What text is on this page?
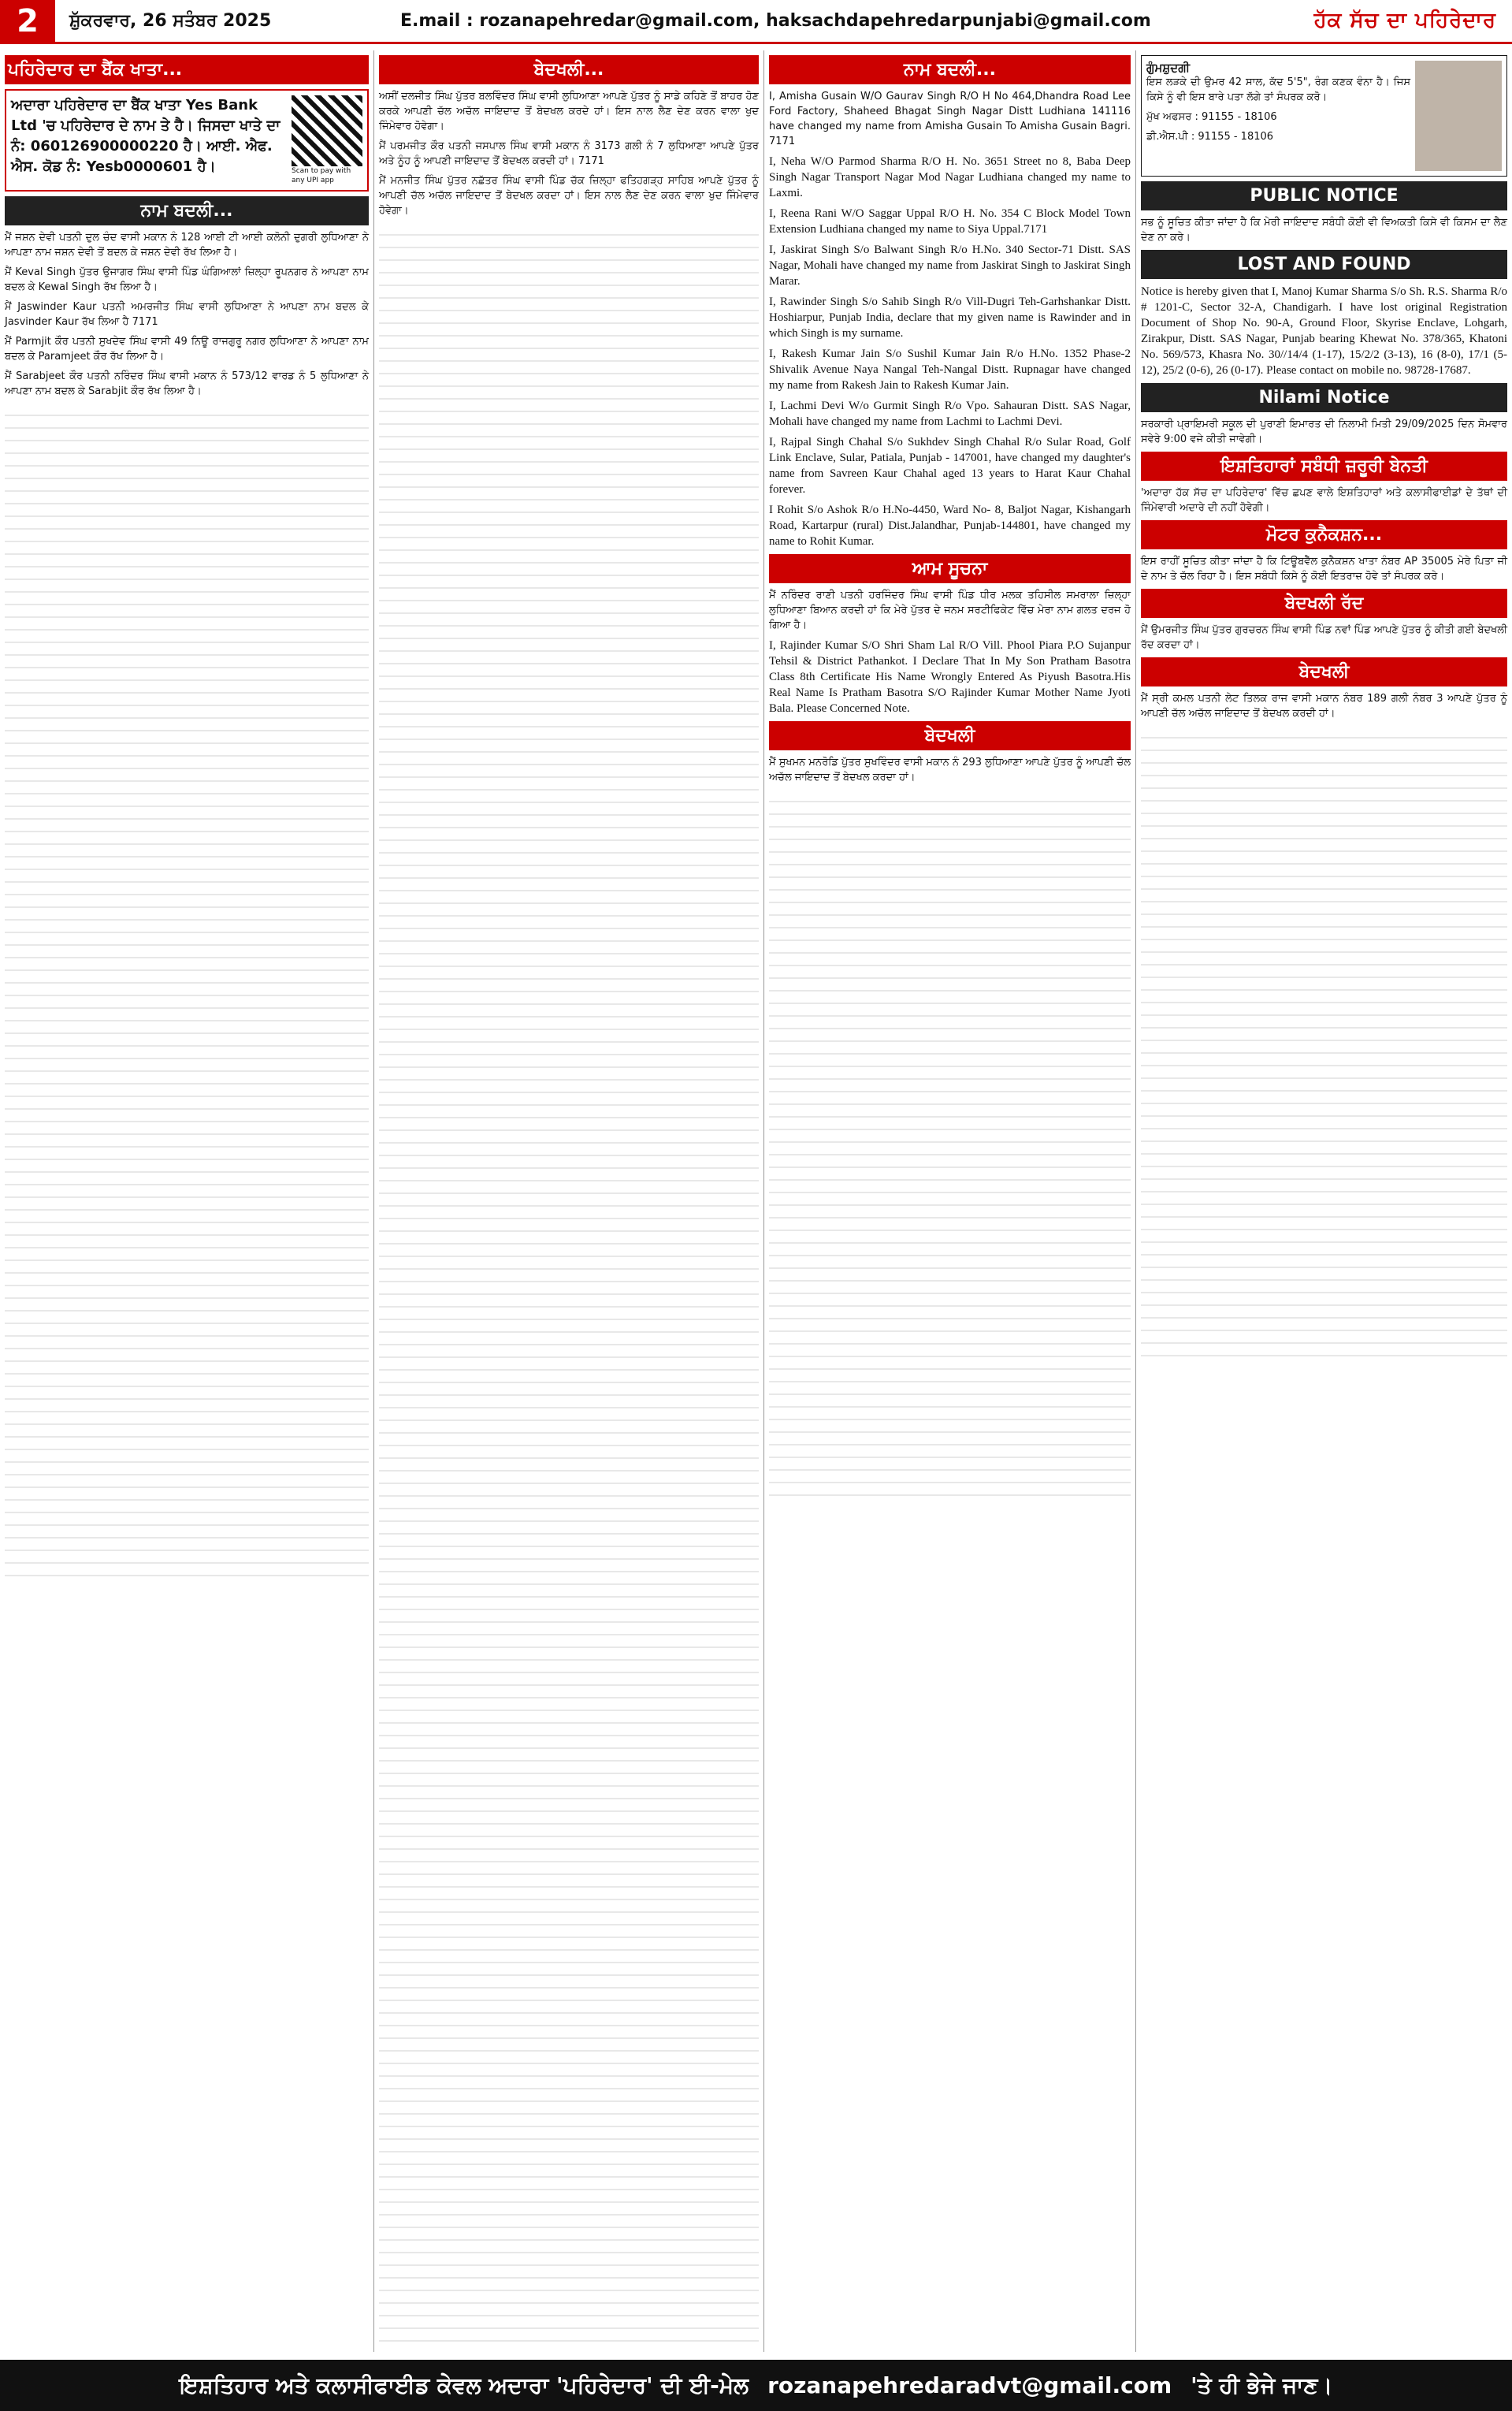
2	ਸ਼ੁੱਕਰਵਾਰ, 26 ਸਤੰਬਰ 2025	E.mail : rozanapehredar@gmail.com, haksachdapehredarpunjabi@gmail.com	ਹੱਕ ਸੱਚ ਦਾ ਪਹਿਰੇਦਾਰ
ਪਹਿਰੇਦਾਰ ਦਾ ਬੈਂਕ ਖਾਤਾ...
ਅਦਾਰਾ ਪਹਿਰੇਦਾਰ ਦਾ ਬੈਂਕ ਖਾਤਾ Yes Bank Ltd 'ਚ ਪਹਿਰੇਦਾਰ ਦੇ ਨਾਮ ਤੇ ਹੈ। ਜਿਸਦਾ ਖਾਤੇ ਦਾ ਨੰ: 060126900000220 ਹੈ। ਆਈ. ਐਫ. ਐਸ. ਕੋਡ ਨੰ: Yesb0000601 ਹੈ।	Scan to pay with any UPI app
ਨਾਮ ਬਦਲੀ...

ਮੈਂ ਜਸ਼ਨ ਦੇਵੀ ਪਤਨੀ ਦੁਲ ਚੰਦ ਵਾਸੀ ਮਕਾਨ ਨੰ 128 ਆਈ ਟੀ ਆਈ ਕਲੋਨੀ ਦੁਗਰੀ ਲੁਧਿਆਣਾ ਨੇ ਆਪਣਾ ਨਾਮ ਜਸ਼ਨ ਦੇਵੀ ਤੋਂ ਬਦਲ ਕੇ ਜਸ਼ਨ ਦੇਵੀ ਰੱਖ ਲਿਆ ਹੈ।

ਮੈਂ Keval Singh ਪੁੱਤਰ ਉਜਾਗਰ ਸਿੰਘ ਵਾਸੀ ਪਿੰਡ ਘੰਗਿਆਲਾਂ ਜ਼ਿਲ੍ਹਾ ਰੂਪਨਗਰ ਨੇ ਆਪਣਾ ਨਾਮ ਬਦਲ ਕੇ Kewal Singh ਰੱਖ ਲਿਆ ਹੈ।

ਮੈਂ Jaswinder Kaur ਪਤਨੀ ਅਮਰਜੀਤ ਸਿੰਘ ਵਾਸੀ ਲੁਧਿਆਣਾ ਨੇ ਆਪਣਾ ਨਾਮ ਬਦਲ ਕੇ Jasvinder Kaur ਰੱਖ ਲਿਆ ਹੈ 7171

ਮੈਂ Parmjit ਕੌਰ ਪਤਨੀ ਸੁਖਦੇਵ ਸਿੰਘ ਵਾਸੀ 49 ਨਿਊ ਰਾਜਗੁਰੂ ਨਗਰ ਲੁਧਿਆਣਾ ਨੇ ਆਪਣਾ ਨਾਮ ਬਦਲ ਕੇ Paramjeet ਕੌਰ ਰੱਖ ਲਿਆ ਹੈ।

ਮੈਂ Sarabjeet ਕੌਰ ਪਤਨੀ ਨਰਿੰਦਰ ਸਿੰਘ ਵਾਸੀ ਮਕਾਨ ਨੰ 573/12 ਵਾਰਡ ਨੰ 5 ਲੁਧਿਆਣਾ ਨੇ ਆਪਣਾ ਨਾਮ ਬਦਲ ਕੇ Sarabjit ਕੌਰ ਰੱਖ ਲਿਆ ਹੈ।

ਬੇਦਖਲੀ...

ਅਸੀਂ ਦਲਜੀਤ ਸਿੰਘ ਪੁੱਤਰ ਬਲਵਿੰਦਰ ਸਿੰਘ ਵਾਸੀ ਲੁਧਿਆਣਾ ਆਪਣੇ ਪੁੱਤਰ ਨੂੰ ਸਾਡੇ ਕਹਿਣੇ ਤੋਂ ਬਾਹਰ ਹੋਣ ਕਰਕੇ ਆਪਣੀ ਚੱਲ ਅਚੱਲ ਜਾਇਦਾਦ ਤੋਂ ਬੇਦਖਲ ਕਰਦੇ ਹਾਂ। ਇਸ ਨਾਲ ਲੈਣ ਦੇਣ ਕਰਨ ਵਾਲਾ ਖੁਦ ਜਿੰਮੇਵਾਰ ਹੋਵੇਗਾ।

ਮੈਂ ਪਰਮਜੀਤ ਕੌਰ ਪਤਨੀ ਜਸਪਾਲ ਸਿੰਘ ਵਾਸੀ ਮਕਾਨ ਨੰ 3173 ਗਲੀ ਨੰ 7 ਲੁਧਿਆਣਾ ਆਪਣੇ ਪੁੱਤਰ ਅਤੇ ਨੂੰਹ ਨੂੰ ਆਪਣੀ ਜਾਇਦਾਦ ਤੋਂ ਬੇਦਖਲ ਕਰਦੀ ਹਾਂ। 7171

ਮੈਂ ਮਨਜੀਤ ਸਿੰਘ ਪੁੱਤਰ ਨਛੱਤਰ ਸਿੰਘ ਵਾਸੀ ਪਿੰਡ ਚੱਕ ਜ਼ਿਲ੍ਹਾ ਫਤਿਹਗੜ੍ਹ ਸਾਹਿਬ ਆਪਣੇ ਪੁੱਤਰ ਨੂੰ ਆਪਣੀ ਚੱਲ ਅਚੱਲ ਜਾਇਦਾਦ ਤੋਂ ਬੇਦਖਲ ਕਰਦਾ ਹਾਂ। ਇਸ ਨਾਲ ਲੈਣ ਦੇਣ ਕਰਨ ਵਾਲਾ ਖੁਦ ਜਿੰਮੇਵਾਰ ਹੋਵੇਗਾ।

ਨਾਮ ਬਦਲੀ...

I, Amisha Gusain W/O Gaurav Singh R/O H No 464,Dhandra Road Lee Ford Factory, Shaheed Bhagat Singh Nagar Distt Ludhiana 141116 have changed my name from Amisha Gusain To Amisha Gusain Bagri. 7171

I, Neha W/O Parmod Sharma R/O H. No. 3651 Street no 8, Baba Deep Singh Nagar Transport Nagar Mod Nagar Ludhiana changed my name to Laxmi.

I, Reena Rani W/O Saggar Uppal R/O H. No. 354 C Block Model Town Extension Ludhiana changed my name to Siya Uppal.7171

I, Jaskirat Singh S/o Balwant Singh R/o H.No. 340 Sector-71 Distt. SAS Nagar, Mohali have changed my name from Jaskirat Singh to Jaskirat Singh Marar.

I, Rawinder Singh S/o Sahib Singh R/o Vill-Dugri Teh-Garhshankar Distt. Hoshiarpur, Punjab India, declare that my given name is Rawinder and in which Singh is my surname.

I, Rakesh Kumar Jain S/o Sushil Kumar Jain R/o H.No. 1352 Phase-2 Shivalik Avenue Naya Nangal Teh-Nangal Distt. Rupnagar have changed my name from Rakesh Jain to Rakesh Kumar Jain.

I, Lachmi Devi W/o Gurmit Singh R/o Vpo. Sahauran Distt. SAS Nagar, Mohali have changed my name from Lachmi to Lachmi Devi.

I, Rajpal Singh Chahal S/o Sukhdev Singh Chahal R/o Sular Road, Golf Link Enclave, Sular, Patiala, Punjab - 147001, have changed my daughter's name from Savreen Kaur Chahal aged 13 years to Harat Kaur Chahal forever.

I Rohit S/o Ashok R/o H.No-4450, Ward No- 8, Baljot Nagar, Kishangarh Road, Kartarpur (rural) Dist.Jalandhar, Punjab-144801, have changed my name to Rohit Kumar.

ਆਮ ਸੂਚਨਾ

ਮੈਂ ਨਰਿੰਦਰ ਰਾਣੀ ਪਤਨੀ ਹਰਜਿੰਦਰ ਸਿੰਘ ਵਾਸੀ ਪਿੰਡ ਧੀਰ ਮਲਕ ਤਹਿਸੀਲ ਸਮਰਾਲਾ ਜ਼ਿਲ੍ਹਾ ਲੁਧਿਆਣਾ ਬਿਆਨ ਕਰਦੀ ਹਾਂ ਕਿ ਮੇਰੇ ਪੁੱਤਰ ਦੇ ਜਨਮ ਸਰਟੀਫਿਕੇਟ ਵਿੱਚ ਮੇਰਾ ਨਾਮ ਗਲਤ ਦਰਜ ਹੋ ਗਿਆ ਹੈ।

I, Rajinder Kumar S/O Shri Sham Lal R/O Vill. Phool Piara P.O Sujanpur Tehsil & District Pathankot. I Declare That In My Son Pratham Basotra Class 8th Certificate His Name Wrongly Entered As Piyush Basotra.His Real Name Is Pratham Basotra S/O Rajinder Kumar Mother Name Jyoti Bala. Please Concerned Note.

ਬੇਦਖਲੀ

ਮੈਂ ਸੁਖਮਨ ਮਨਰੋਡਿ ਪੁੱਤਰ ਸੁਖਵਿੰਦਰ ਵਾਸੀ ਮਕਾਨ ਨੰ 293 ਲੁਧਿਆਣਾ ਆਪਣੇ ਪੁੱਤਰ ਨੂੰ ਆਪਣੀ ਚੱਲ ਅਚੱਲ ਜਾਇਦਾਦ ਤੋਂ ਬੇਦਖਲ ਕਰਦਾ ਹਾਂ।

ਗੁੰਮਸ਼ੁਦਗੀ

ਇਸ ਲੜਕੇ ਦੀ ਉਮਰ 42 ਸਾਲ, ਕੱਦ 5'5", ਰੰਗ ਕਣਕ ਵੰਨਾ ਹੈ। ਜਿਸ ਕਿਸੇ ਨੂੰ ਵੀ ਇਸ ਬਾਰੇ ਪਤਾ ਲੱਗੇ ਤਾਂ ਸੰਪਰਕ ਕਰੋ।

ਮੁੱਖ ਅਫਸਰ : 91155 - 18106

ਡੀ.ਐਸ.ਪੀ : 91155 - 18106

PUBLIC NOTICE

ਸਭ ਨੂੰ ਸੂਚਿਤ ਕੀਤਾ ਜਾਂਦਾ ਹੈ ਕਿ ਮੇਰੀ ਜਾਇਦਾਦ ਸਬੰਧੀ ਕੋਈ ਵੀ ਵਿਅਕਤੀ ਕਿਸੇ ਵੀ ਕਿਸਮ ਦਾ ਲੈਣ ਦੇਣ ਨਾ ਕਰੇ।

LOST AND FOUND

Notice is hereby given that I, Manoj Kumar Sharma S/o Sh. R.S. Sharma R/o # 1201-C, Sector 32-A, Chandigarh. I have lost original Registration Document of Shop No. 90-A, Ground Floor, Skyrise Enclave, Lohgarh, Zirakpur, Distt. SAS Nagar, Punjab bearing Khewat No. 378/365, Khatoni No. 569/573, Khasra No. 30//14/4 (1-17), 15/2/2 (3-13), 16 (8-0), 17/1 (5-12), 25/2 (0-6), 26 (0-17). Please contact on mobile no. 98728-17687.

Nilami Notice

ਸਰਕਾਰੀ ਪ੍ਰਾਇਮਰੀ ਸਕੂਲ ਦੀ ਪੁਰਾਣੀ ਇਮਾਰਤ ਦੀ ਨਿਲਾਮੀ ਮਿਤੀ 29/09/2025 ਦਿਨ ਸੋਮਵਾਰ ਸਵੇਰੇ 9:00 ਵਜੇ ਕੀਤੀ ਜਾਵੇਗੀ।

ਇਸ਼ਤਿਹਾਰਾਂ ਸਬੰਧੀ ਜ਼ਰੂਰੀ ਬੇਨਤੀ

'ਅਦਾਰਾ ਹੱਕ ਸੱਚ ਦਾ ਪਹਿਰੇਦਾਰ' ਵਿੱਚ ਛਪਣ ਵਾਲੇ ਇਸ਼ਤਿਹਾਰਾਂ ਅਤੇ ਕਲਾਸੀਫਾਈਡਾਂ ਦੇ ਤੱਥਾਂ ਦੀ ਜਿੰਮੇਵਾਰੀ ਅਦਾਰੇ ਦੀ ਨਹੀਂ ਹੋਵੇਗੀ।

ਮੋਟਰ ਕੁਨੈਕਸ਼ਨ...

ਇਸ ਰਾਹੀਂ ਸੂਚਿਤ ਕੀਤਾ ਜਾਂਦਾ ਹੈ ਕਿ ਟਿਊਬਵੈੱਲ ਕੁਨੈਕਸ਼ਨ ਖਾਤਾ ਨੰਬਰ AP 35005 ਮੇਰੇ ਪਿਤਾ ਜੀ ਦੇ ਨਾਮ ਤੇ ਚੱਲ ਰਿਹਾ ਹੈ। ਇਸ ਸਬੰਧੀ ਕਿਸੇ ਨੂੰ ਕੋਈ ਇਤਰਾਜ਼ ਹੋਵੇ ਤਾਂ ਸੰਪਰਕ ਕਰੇ।

ਬੇਦਖਲੀ ਰੱਦ

ਮੈਂ ਉਮਰਜੀਤ ਸਿੰਘ ਪੁੱਤਰ ਗੁਰਚਰਨ ਸਿੰਘ ਵਾਸੀ ਪਿੰਡ ਨਵਾਂ ਪਿੰਡ ਆਪਣੇ ਪੁੱਤਰ ਨੂੰ ਕੀਤੀ ਗਈ ਬੇਦਖਲੀ ਰੱਦ ਕਰਦਾ ਹਾਂ।

ਬੇਦਖਲੀ

ਮੈਂ ਸ੍ਰੀ ਕਮਲ ਪਤਨੀ ਲੇਟ ਤਿਲਕ ਰਾਜ ਵਾਸੀ ਮਕਾਨ ਨੰਬਰ 189 ਗਲੀ ਨੰਬਰ 3 ਆਪਣੇ ਪੁੱਤਰ ਨੂੰ ਆਪਣੀ ਚੱਲ ਅਚੱਲ ਜਾਇਦਾਦ ਤੋਂ ਬੇਦਖਲ ਕਰਦੀ ਹਾਂ।

ਇਸ਼ਤਿਹਾਰ ਅਤੇ ਕਲਾਸੀਫਾਈਡ ਕੇਵਲ ਅਦਾਰਾ 'ਪਹਿਰੇਦਾਰ' ਦੀ ਈ-ਮੇਲ rozanapehredaradvt@gmail.com 'ਤੇ ਹੀ ਭੇਜੇ ਜਾਣ।
